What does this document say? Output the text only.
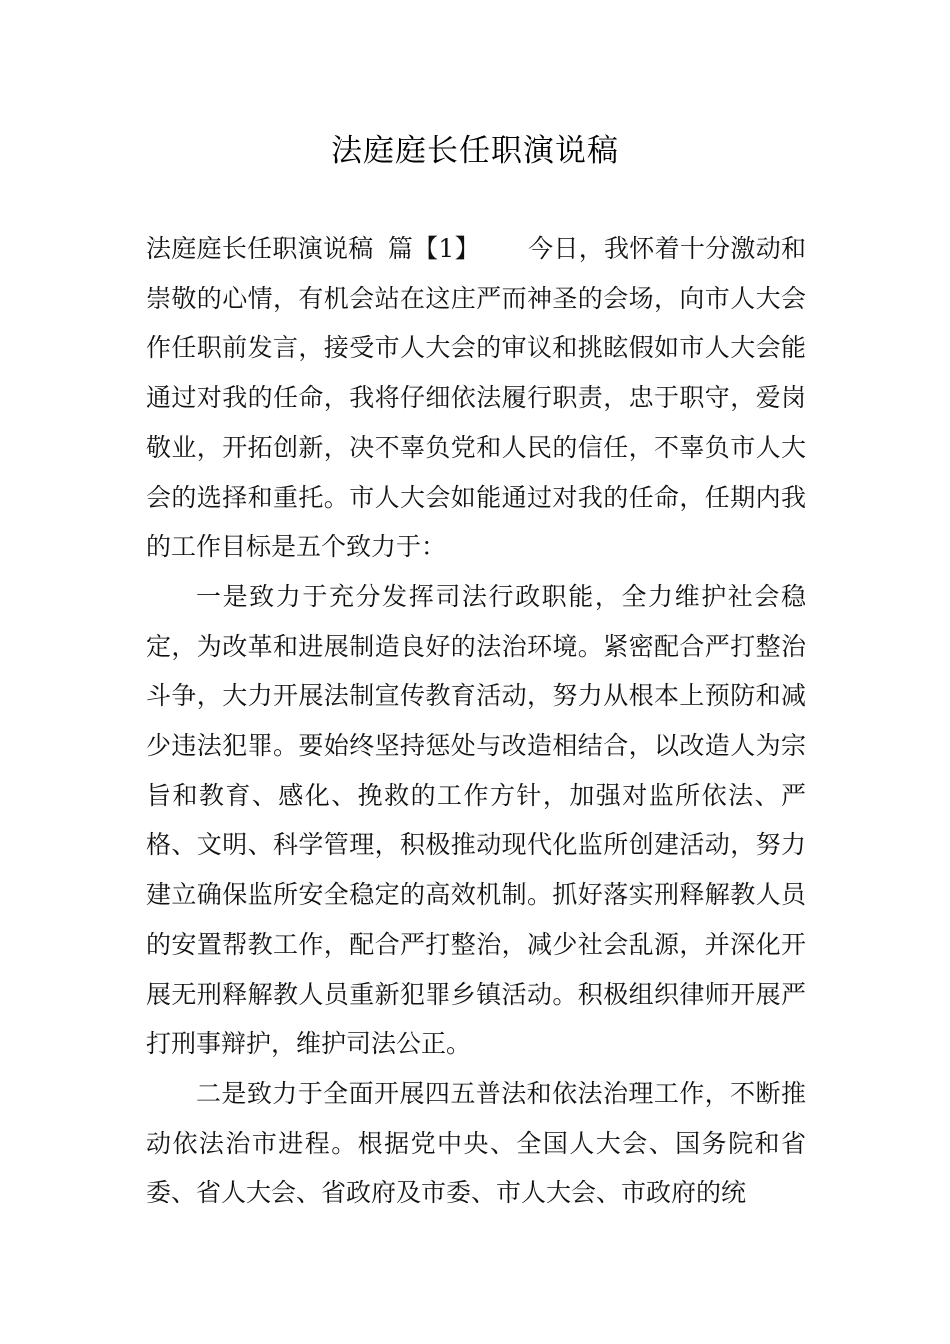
法庭庭长任职演说稿

法庭庭长任职演说稿 篇【1】 今日，我怀着十分激动和崇敬的心情，有机会站在这庄严而神圣的会场，向市人大会作任职前发言，接受市人大会的审议和挑眩假如市人大会能通过对我的任命，我将仔细依法履行职责，忠于职守，爱岗敬业，开拓创新，决不辜负党和人民的信任，不辜负市人大会的选择和重托。市人大会如能通过对我的任命，任期内我的工作目标是五个致力于：

一是致力于充分发挥司法行政职能，全力维护社会稳定，为改革和进展制造良好的法治环境。紧密配合严打整治斗争，大力开展法制宣传教育活动，努力从根本上预防和减少违法犯罪。要始终坚持惩处与改造相结合，以改造人为宗旨和教育、感化、挽救的工作方针，加强对监所依法、严格、文明、科学管理，积极推动现代化监所创建活动，努力建立确保监所安全稳定的高效机制。抓好落实刑释解教人员的安置帮教工作，配合严打整治，减少社会乱源，并深化开展无刑释解教人员重新犯罪乡镇活动。积极组织律师开展严打刑事辩护，维护司法公正。

二是致力于全面开展四五普法和依法治理工作，不断推动依法治市进程。根据党中央、全国人大会、国务院和省委、省人大会、省政府及市委、市人大会、市政府的统
